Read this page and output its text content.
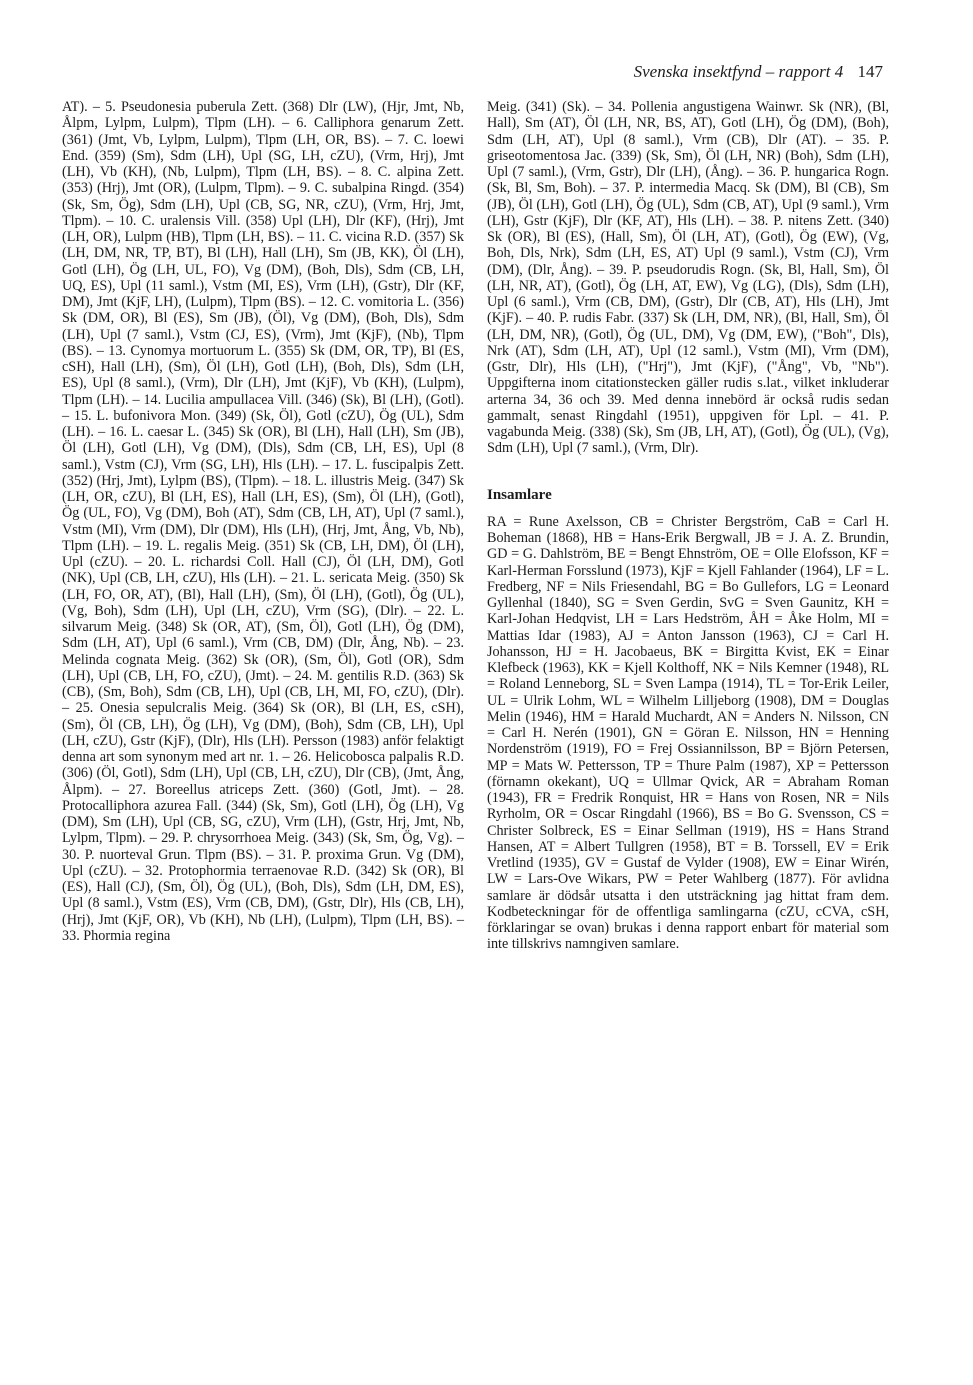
Svenska insektfynd – rapport 4 147

AT). – 5. Pseudonesia puberula Zett. (368) Dlr (LW), (Hjr, Jmt, Nb, Ålpm, Lylpm, Lulpm), Tlpm (LH). – 6. Calliphora genarum Zett. (361) (Jmt, Vb, Lylpm, Lulpm), Tlpm (LH, OR, BS). – 7. C. loewi End. (359) (Sm), Sdm (LH), Upl (SG, LH, cZU), (Vrm, Hrj), Jmt (LH), Vb (KH), (Nb, Lulpm), Tlpm (LH, BS). – 8. C. alpina Zett. (353) (Hrj), Jmt (OR), (Lulpm, Tlpm). – 9. C. subalpina Ringd. (354) (Sk, Sm, Ög), Sdm (LH), Upl (CB, SG, NR, cZU), (Vrm, Hrj, Jmt, Tlpm). – 10. C. uralensis Vill. (358) Upl (LH), Dlr (KF), (Hrj), Jmt (LH, OR), Lulpm (HB), Tlpm (LH, BS). – 11. C. vicina R.D. (357) Sk (LH, DM, NR, TP, BT), Bl (LH), Hall (LH), Sm (JB, KK), Öl (LH), Gotl (LH), Ög (LH, UL, FO), Vg (DM), (Boh, Dls), Sdm (CB, LH, UQ, ES), Upl (11 saml.), Vstm (MI, ES), Vrm (LH), (Gstr), Dlr (KF, DM), Jmt (KjF, LH), (Lulpm), Tlpm (BS). – 12. C. vomitoria L. (356) Sk (DM, OR), Bl (ES), Sm (JB), (Öl), Vg (DM), (Boh, Dls), Sdm (LH), Upl (7 saml.), Vstm (CJ, ES), (Vrm), Jmt (KjF), (Nb), Tlpm (BS). – 13. Cynomya mortuorum L. (355) Sk (DM, OR, TP), Bl (ES, cSH), Hall (LH), (Sm), Öl (LH), Gotl (LH), (Boh, Dls), Sdm (LH, ES), Upl (8 saml.), (Vrm), Dlr (LH), Jmt (KjF), Vb (KH), (Lulpm), Tlpm (LH). – 14. Lucilia ampullacea Vill. (346) (Sk), Bl (LH), (Gotl). – 15. L. bufonivora Mon. (349) (Sk, Öl), Gotl (cZU), Ög (UL), Sdm (LH). – 16. L. caesar L. (345) Sk (OR), Bl (LH), Hall (LH), Sm (JB), Öl (LH), Gotl (LH), Vg (DM), (Dls), Sdm (CB, LH, ES), Upl (8 saml.), Vstm (CJ), Vrm (SG, LH), Hls (LH). – 17. L. fuscipalpis Zett. (352) (Hrj, Jmt), Lylpm (BS), (Tlpm). – 18. L. illustris Meig. (347) Sk (LH, OR, cZU), Bl (LH, ES), Hall (LH, ES), (Sm), Öl (LH), (Gotl), Ög (UL, FO), Vg (DM), Boh (AT), Sdm (CB, LH, AT), Upl (7 saml.), Vstm (MI), Vrm (DM), Dlr (DM), Hls (LH), (Hrj, Jmt, Ång, Vb, Nb), Tlpm (LH). – 19. L. regalis Meig. (351) Sk (CB, LH, DM), Öl (LH), Upl (cZU). – 20. L. richardsi Coll. Hall (CJ), Öl (LH, DM), Gotl (NK), Upl (CB, LH, cZU), Hls (LH). – 21. L. sericata Meig. (350) Sk (LH, FO, OR, AT), (Bl), Hall (LH), (Sm), Öl (LH), (Gotl), Ög (UL), (Vg, Boh), Sdm (LH), Upl (LH, cZU), Vrm (SG), (Dlr). – 22. L. silvarum Meig. (348) Sk (OR, AT), (Sm, Öl), Gotl (LH), Ög (DM), Sdm (LH, AT), Upl (6 saml.), Vrm (CB, DM) (Dlr, Ång, Nb). – 23. Melinda cognata Meig. (362) Sk (OR), (Sm, Öl), Gotl (OR), Sdm (LH), Upl (CB, LH, FO, cZU), (Jmt). – 24. M. gentilis R.D. (363) Sk (CB), (Sm, Boh), Sdm (CB, LH), Upl (CB, LH, MI, FO, cZU), (Dlr). – 25. Onesia sepulcralis Meig. (364) Sk (OR), Bl (LH, ES, cSH), (Sm), Öl (CB, LH), Ög (LH), Vg (DM), (Boh), Sdm (CB, LH), Upl (LH, cZU), Gstr (KjF), (Dlr), Hls (LH). Persson (1983) anför felaktigt denna art som synonym med art nr. 1. – 26. Helicobosca palpalis R.D. (306) (Öl, Gotl), Sdm (LH), Upl (CB, LH, cZU), Dlr (CB), (Jmt, Ång, Ålpm). – 27. Boreellus atriceps Zett. (360) (Gotl, Jmt). – 28. Protocalliphora azurea Fall. (344) (Sk, Sm), Gotl (LH), Ög (LH), Vg (DM), Sm (LH), Upl (CB, SG, cZU), Vrm (LH), (Gstr, Hrj, Jmt, Nb, Lylpm, Tlpm). – 29. P. chrysorrhoea Meig. (343) (Sk, Sm, Ög, Vg). – 30. P. nuorteval Grun. Tlpm (BS). – 31. P. proxima Grun. Vg (DM), Upl (cZU). – 32. Protophormia terraenovae R.D. (342) Sk (OR), Bl (ES), Hall (CJ), (Sm, Öl), Ög (UL), (Boh, Dls), Sdm (LH, DM, ES), Upl (8 saml.), Vstm (ES), Vrm (CB, DM), (Gstr, Dlr), Hls (CB, LH), (Hrj), Jmt (KjF, OR), Vb (KH), Nb (LH), (Lulpm), Tlpm (LH, BS). – 33. Phormia regina

Meig. (341) (Sk). – 34. Pollenia angustigena Wainwr. Sk (NR), (Bl, Hall), Sm (AT), Öl (LH, NR, BS, AT), Gotl (LH), Ög (DM), (Boh), Sdm (LH, AT), Upl (8 saml.), Vrm (CB), Dlr (AT). – 35. P. griseotomentosa Jac. (339) (Sk, Sm), Öl (LH, NR) (Boh), Sdm (LH), Upl (7 saml.), (Vrm, Gstr), Dlr (LH), (Ång). – 36. P. hungarica Rogn. (Sk, Bl, Sm, Boh). – 37. P. intermedia Macq. Sk (DM), Bl (CB), Sm (JB), Öl (LH), Gotl (LH), Ög (UL), Sdm (CB, AT), Upl (9 saml.), Vrm (LH), Gstr (KjF), Dlr (KF, AT), Hls (LH). – 38. P. nitens Zett. (340) Sk (OR), Bl (ES), (Hall, Sm), Öl (LH, AT), (Gotl), Ög (EW), (Vg, Boh, Dls, Nrk), Sdm (LH, ES, AT) Upl (9 saml.), Vstm (CJ), Vrm (DM), (Dlr, Ång). – 39. P. pseudorudis Rogn. (Sk, Bl, Hall, Sm), Öl (LH, NR, AT), (Gotl), Ög (LH, AT, EW), Vg (LG), (Dls), Sdm (LH), Upl (6 saml.), Vrm (CB, DM), (Gstr), Dlr (CB, AT), Hls (LH), Jmt (KjF). – 40. P. rudis Fabr. (337) Sk (LH, DM, NR), (Bl, Hall, Sm), Öl (LH, DM, NR), (Gotl), Ög (UL, DM), Vg (DM, EW), ("Boh", Dls), Nrk (AT), Sdm (LH, AT), Upl (12 saml.), Vstm (MI), Vrm (DM), (Gstr, Dlr), Hls (LH), ("Hrj"), Jmt (KjF), ("Ång", Vb, "Nb"). Uppgifterna inom citationstecken gäller rudis s.lat., vilket inkluderar arterna 34, 36 och 39. Med denna innebörd är också rudis sedan gammalt, senast Ringdahl (1951), uppgiven för Lpl. – 41. P. vagabunda Meig. (338) (Sk), Sm (JB, LH, AT), (Gotl), Ög (UL), (Vg), Sdm (LH), Upl (7 saml.), (Vrm, Dlr).

Insamlare

RA = Rune Axelsson, CB = Christer Bergström, CaB = Carl H. Boheman (1868), HB = Hans-Erik Bergwall, JB = J. A. Z. Brundin, GD = G. Dahlström, BE = Bengt Ehnström, OE = Olle Elofsson, KF = Karl-Herman Forsslund (1973), KjF = Kjell Fahlander (1964), LF = L. Fredberg, NF = Nils Friesendahl, BG = Bo Gullefors, LG = Leonard Gyllenhal (1840), SG = Sven Gerdin, SvG = Sven Gaunitz, KH = Karl-Johan Hedqvist, LH = Lars Hedström, ÅH = Åke Holm, MI = Mattias Idar (1983), AJ = Anton Jansson (1963), CJ = Carl H. Johansson, HJ = H. Jacobaeus, BK = Birgitta Kvist, EK = Einar Klefbeck (1963), KK = Kjell Kolthoff, NK = Nils Kemner (1948), RL = Roland Lenneborg, SL = Sven Lampa (1914), TL = Tor-Erik Leiler, UL = Ulrik Lohm, WL = Wilhelm Lilljeborg (1908), DM = Douglas Melin (1946), HM = Harald Muchardt, AN = Anders N. Nilsson, CN = Carl H. Nerén (1901), GN = Göran E. Nilsson, HN = Henning Nordenström (1919), FO = Frej Ossiannilsson, BP = Björn Petersen, MP = Mats W. Pettersson, TP = Thure Palm (1987), XP = Pettersson (förnamn okekant), UQ = Ullmar Qvick, AR = Abraham Roman (1943), FR = Fredrik Ronquist, HR = Hans von Rosen, NR = Nils Ryrholm, OR = Oscar Ringdahl (1966), BS = Bo G. Svensson, CS = Christer Solbreck, ES = Einar Sellman (1919), HS = Hans Strand Hansen, AT = Albert Tullgren (1958), BT = B. Torssell, EV = Erik Vretlind (1935), GV = Gustaf de Vylder (1908), EW = Einar Wirén, LW = Lars-Ove Wikars, PW = Peter Wahlberg (1877). För avlidna samlare är dödsår utsatta i den utsträckning jag hittat fram dem. Kodbeteckningar för de offentliga samlingarna (cZU, cCVA, cSH, förklaringar se ovan) brukas i denna rapport enbart för material som inte tillskrivs namngiven samlare.
